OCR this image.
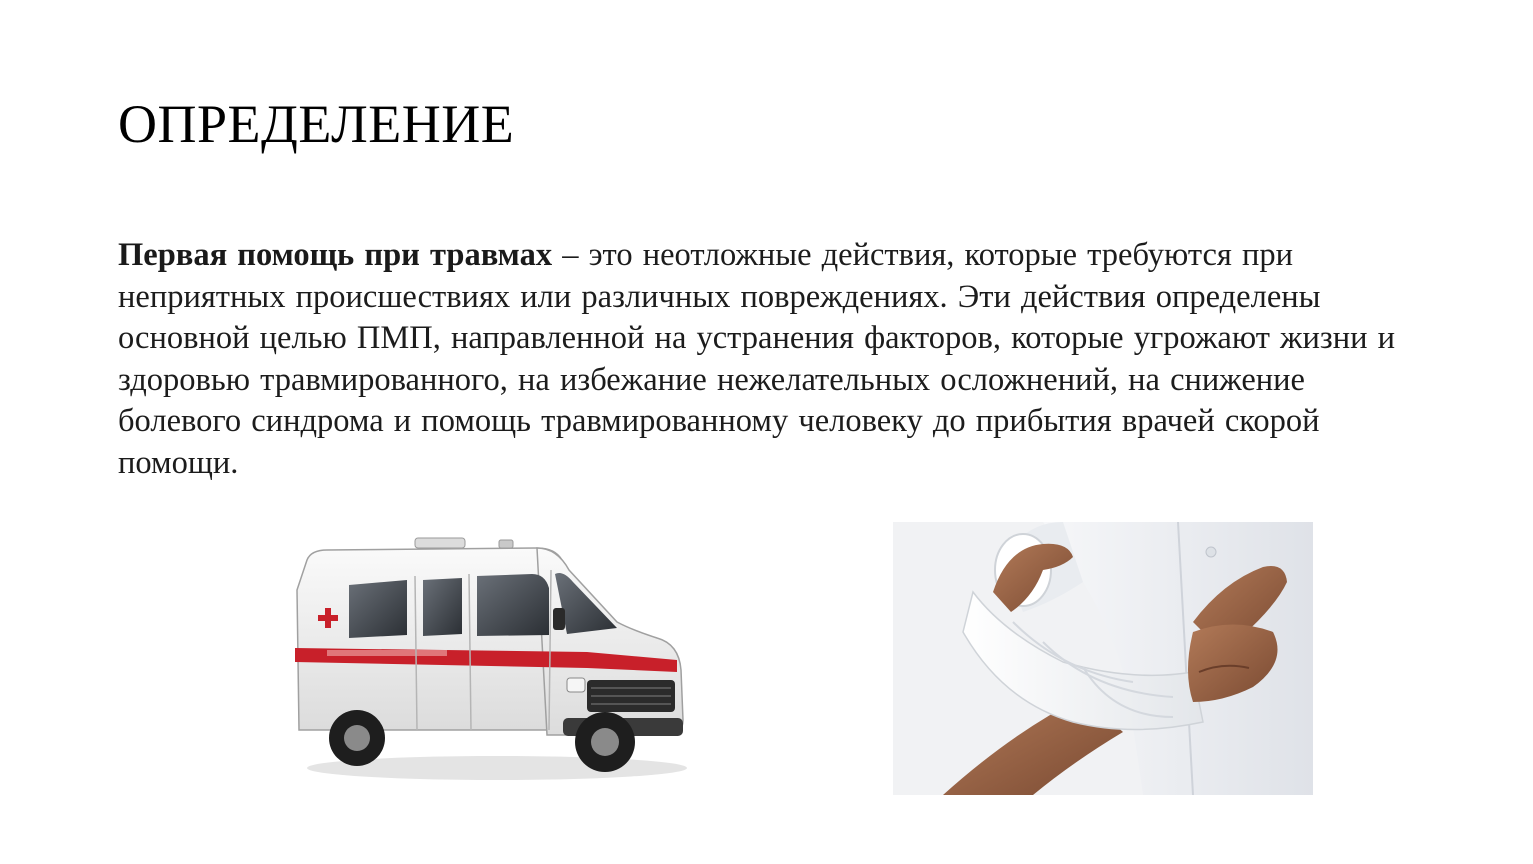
ОПРЕДЕЛЕНИЕ

Первая помощь при травмах – это неотложные действия, которые требуются при неприятных происшествиях или различных повреждениях. Эти действия определены основной целью ПМП, направленной на устранения факторов, которые угрожают жизни и здоровью травмированного, на избежание нежелательных осложнений, на снижение болевого синдрома и помощь травмированному человеку до прибытия врачей скорой помощи.
